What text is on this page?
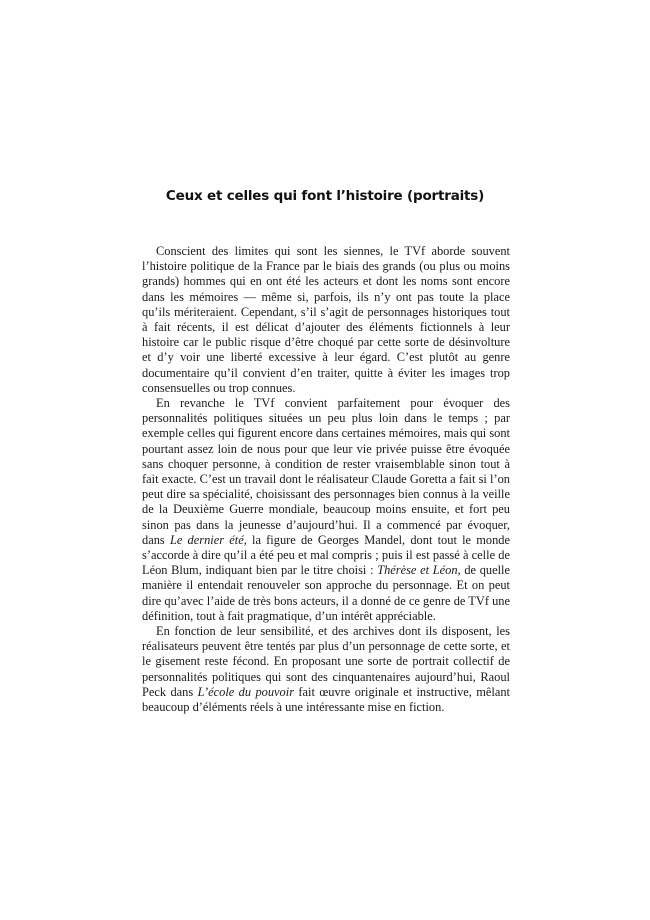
Ceux et celles qui font l’histoire (portraits)

Conscient des limites qui sont les siennes, le TVf aborde souvent l’histoire politique de la France par le biais des grands (ou plus ou moins grands) hommes qui en ont été les acteurs et dont les noms sont encore dans les mémoires — même si, parfois, ils n’y ont pas toute la place qu’ils mériteraient. Cependant, s’il s’agit de personnages historiques tout à fait récents, il est délicat d’ajouter des éléments fictionnels à leur histoire car le public risque d’être choqué par cette sorte de désinvolture et d’y voir une liberté excessive à leur égard. C’est plutôt au genre documentaire qu’il convient d’en traiter, quitte à éviter les images trop consensuelles ou trop connues.

En revanche le TVf convient parfaitement pour évoquer des personnalités politiques situées un peu plus loin dans le temps ; par exemple celles qui figurent encore dans certaines mémoires, mais qui sont pourtant assez loin de nous pour que leur vie privée puisse être évoquée sans choquer personne, à condition de rester vraisemblable sinon tout à fait exacte. C’est un travail dont le réalisateur Claude Goretta a fait si l’on peut dire sa spécialité, choisissant des personnages bien connus à la veille de la Deuxième Guerre mondiale, beaucoup moins ensuite, et fort peu sinon pas dans la jeunesse d’aujourd’hui. Il a commencé par évoquer, dans Le dernier été, la figure de Georges Mandel, dont tout le monde s’accorde à dire qu’il a été peu et mal compris ; puis il est passé à celle de Léon Blum, indiquant bien par le titre choisi : Thérèse et Léon, de quelle manière il entendait renouveler son approche du personnage. Et on peut dire qu’avec l’aide de très bons acteurs, il a donné de ce genre de TVf une définition, tout à fait pragmatique, d’un intérêt appréciable.

En fonction de leur sensibilité, et des archives dont ils disposent, les réalisateurs peuvent être tentés par plus d’un personnage de cette sorte, et le gisement reste fécond. En proposant une sorte de portrait collectif de personnalités politiques qui sont des cinquantenaires aujourd’hui, Raoul Peck dans L’école du pouvoir fait œuvre originale et instructive, mêlant beaucoup d’éléments réels à une intéressante mise en fiction.
